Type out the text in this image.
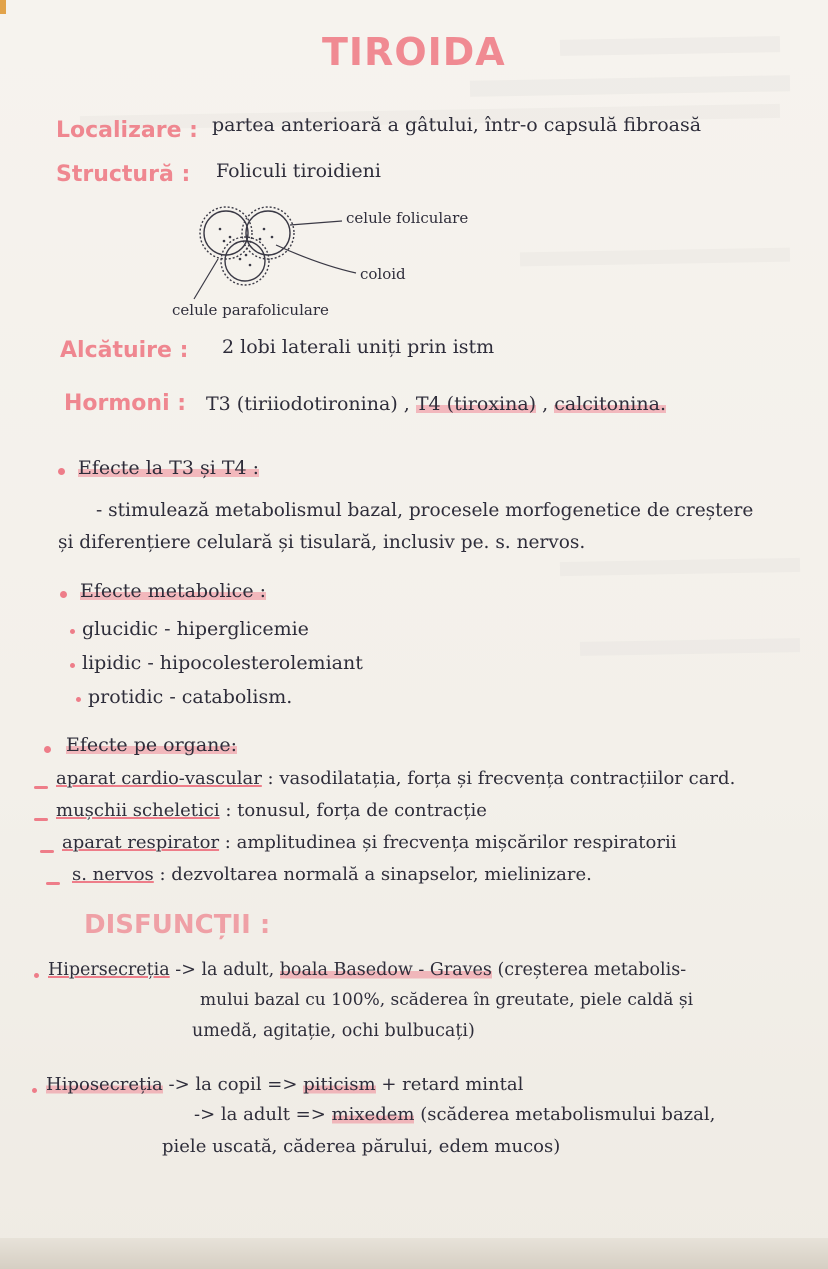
TIROIDA
Localizare : partea anterioară a gâtului, într-o capsulă fibroasă
Structură : Foliculi tiroidieni
celule foliculare
coloid
celule parafoliculare
Alcătuire : 2 lobi laterali uniți prin istm
Hormoni : T3 (tiriiodotironina) , T4 (tiroxina) , calcitonina.
Efecte la T3 și T4 :
- stimulează metabolismul bazal, procesele morfogenetice de creștere
și diferențiere celulară și tisulară, inclusiv pe. s. nervos.
Efecte metabolice :
glucidic - hiperglicemie
lipidic - hipocolesterolemiant
protidic - catabolism.
Efecte pe organe:
aparat cardio-vascular : vasodilatația, forța și frecvența contracțiilor card.
mușchii scheletici : tonusul, forța de contracție
aparat respirator : amplitudinea și frecvența mișcărilor respiratorii
s. nervos : dezvoltarea normală a sinapselor, mielinizare.
DISFUNCȚII :
Hipersecreția -> la adult, boala Basedow - Graves (creșterea metabolis-
mului bazal cu 100%, scăderea în greutate, piele caldă și
umedă, agitație, ochi bulbucați)
Hiposecreția -> la copil => piticism + retard mintal
-> la adult => mixedem (scăderea metabolismului bazal,
piele uscată, căderea părului, edem mucos)
